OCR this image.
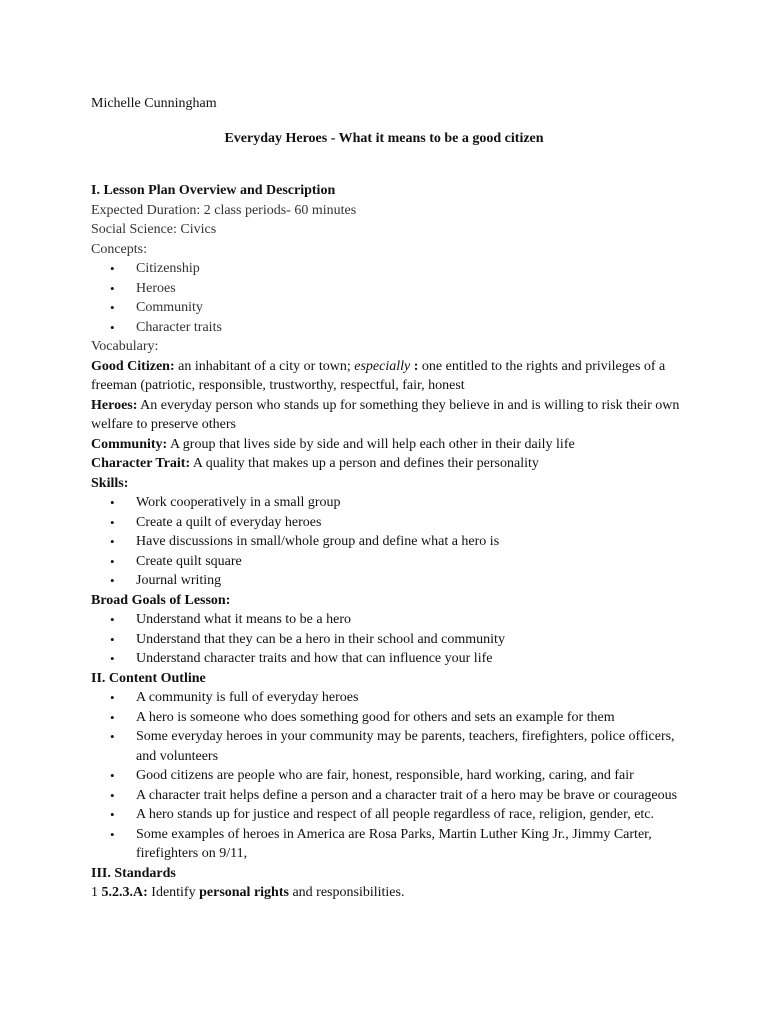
Michelle Cunningham
Everyday Heroes - What it means to be a good citizen
I. Lesson Plan Overview and Description
Expected Duration: 2 class periods- 60 minutes
Social Science: Civics
Concepts:
• Citizenship
• Heroes
• Community
• Character traits
Vocabulary:
Good Citizen: an inhabitant of a city or town; especially : one entitled to the rights and privileges of a freeman (patriotic, responsible, trustworthy, respectful, fair, honest
Heroes: An everyday person who stands up for something they believe in and is willing to risk their own welfare to preserve others
Community: A group that lives side by side and will help each other in their daily life
Character Trait: A quality that makes up a person and defines their personality
Skills:
• Work cooperatively in a small group
• Create a quilt of everyday heroes
• Have discussions in small/whole group and define what a hero is
• Create quilt square
• Journal writing
Broad Goals of Lesson:
• Understand what it means to be a hero
• Understand that they can be a hero in their school and community
• Understand character traits and how that can influence your life
II. Content Outline
• A community is full of everyday heroes
• A hero is someone who does something good for others and sets an example for them
• Some everyday heroes in your community may be parents, teachers, firefighters, police officers, and volunteers
• Good citizens are people who are fair, honest, responsible, hard working, caring, and fair
• A character trait helps define a person and a character trait of a hero may be brave or courageous
• A hero stands up for justice and respect of all people regardless of race, religion, gender, etc.
• Some examples of heroes in America are Rosa Parks, Martin Luther King Jr., Jimmy Carter, firefighters on 9/11,
III. Standards
1 5.2.3.A: Identify personal rights and responsibilities.
